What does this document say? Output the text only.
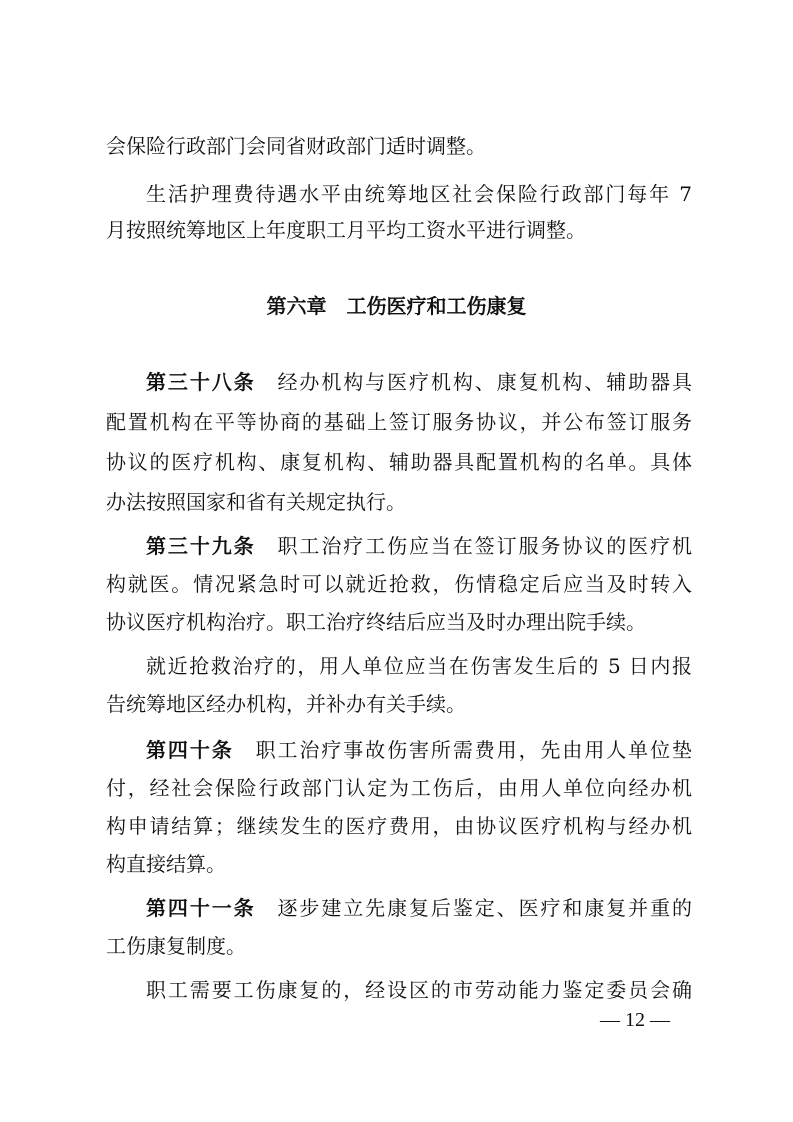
会保险行政部门会同省财政部门适时调整。

生活护理费待遇水平由统筹地区社会保险行政部门每年 7

月按照统筹地区上年度职工月平均工资水平进行调整。

第六章　工伤医疗和工伤康复

第三十八条 经办机构与医疗机构、康复机构、辅助器具

配置机构在平等协商的基础上签订服务协议，并公布签订服务

协议的医疗机构、康复机构、辅助器具配置机构的名单。具体

办法按照国家和省有关规定执行。

第三十九条 职工治疗工伤应当在签订服务协议的医疗机

构就医。情况紧急时可以就近抢救，伤情稳定后应当及时转入

协议医疗机构治疗。职工治疗终结后应当及时办理出院手续。

就近抢救治疗的，用人单位应当在伤害发生后的 5 日内报

告统筹地区经办机构，并补办有关手续。

第四十条 职工治疗事故伤害所需费用，先由用人单位垫

付，经社会保险行政部门认定为工伤后，由用人单位向经办机

构申请结算；继续发生的医疗费用，由协议医疗机构与经办机

构直接结算。

第四十一条 逐步建立先康复后鉴定、医疗和康复并重的

工伤康复制度。

职工需要工伤康复的，经设区的市劳动能力鉴定委员会确

— 12 —
